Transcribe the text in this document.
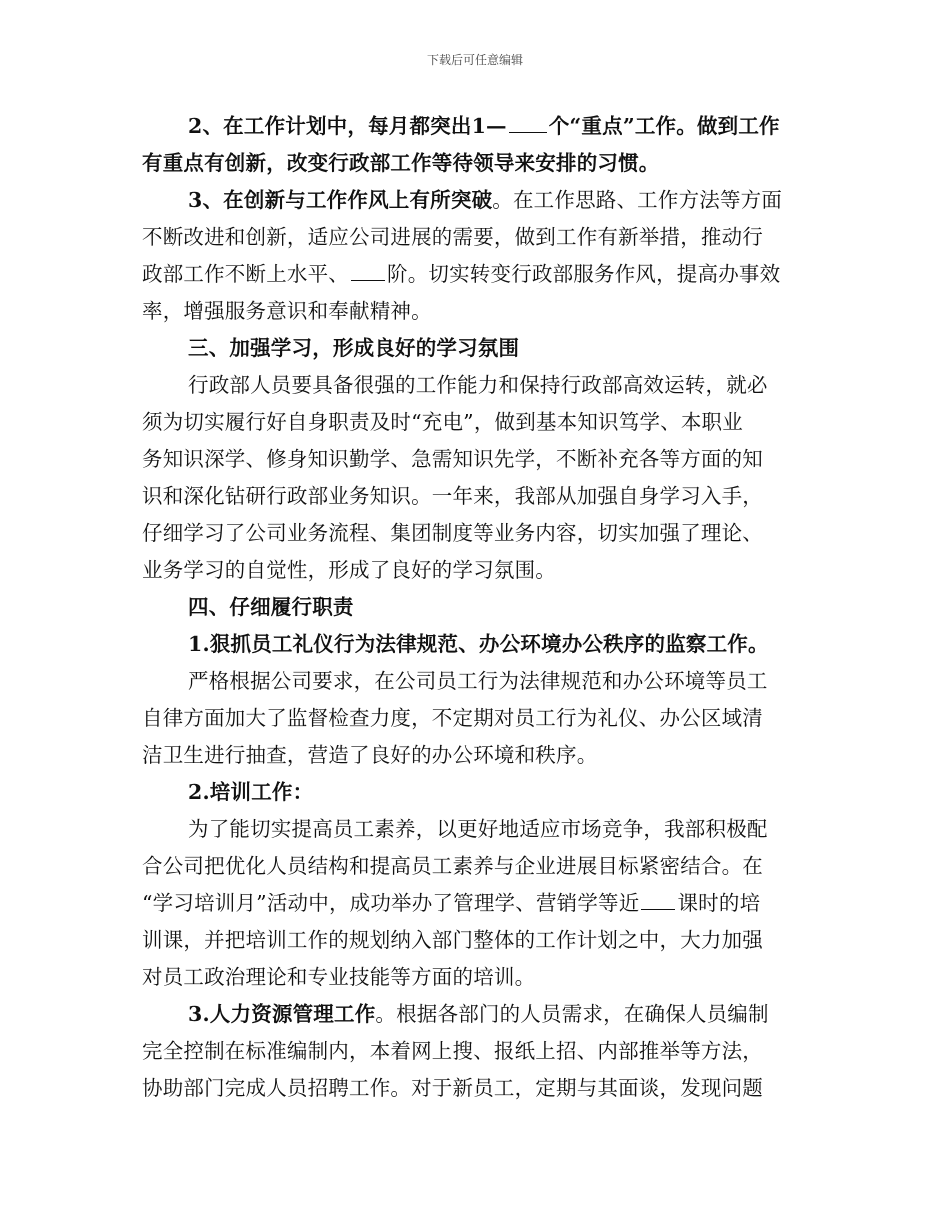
下载后可任意编辑
2、在工作计划中，每月都突出1— 个“重点”工作。做到工作
有重点有创新，改变行政部工作等待领导来安排的习惯。
3、在创新与工作作风上有所突破。在工作思路、工作方法等方面
不断改进和创新，适应公司进展的需要，做到工作有新举措，推动行
政部工作不断上水平、 阶。切实转变行政部服务作风，提高办事效
率，增强服务意识和奉献精神。
三、加强学习，形成良好的学习氛围
行政部人员要具备很强的工作能力和保持行政部高效运转，就必
须为切实履行好自身职责及时“充电”，做到基本知识笃学、本职业
务知识深学、修身知识勤学、急需知识先学，不断补充各等方面的知
识和深化钻研行政部业务知识。一年来，我部从加强自身学习入手，
仔细学习了公司业务流程、集团制度等业务内容，切实加强了理论、
业务学习的自觉性，形成了良好的学习氛围。
四、仔细履行职责
1.狠抓员工礼仪行为法律规范、办公环境办公秩序的监察工作。
严格根据公司要求，在公司员工行为法律规范和办公环境等员工
自律方面加大了监督检查力度，不定期对员工行为礼仪、办公区域清
洁卫生进行抽查，营造了良好的办公环境和秩序。
2.培训工作：
为了能切实提高员工素养，以更好地适应市场竞争，我部积极配
合公司把优化人员结构和提高员工素养与企业进展目标紧密结合。在
“学习培训月”活动中，成功举办了管理学、营销学等近 课时的培
训课，并把培训工作的规划纳入部门整体的工作计划之中，大力加强
对员工政治理论和专业技能等方面的培训。
3.人力资源管理工作。根据各部门的人员需求，在确保人员编制
完全控制在标准编制内，本着网上搜、报纸上招、内部推举等方法，
协助部门完成人员招聘工作。对于新员工，定期与其面谈，发现问题
